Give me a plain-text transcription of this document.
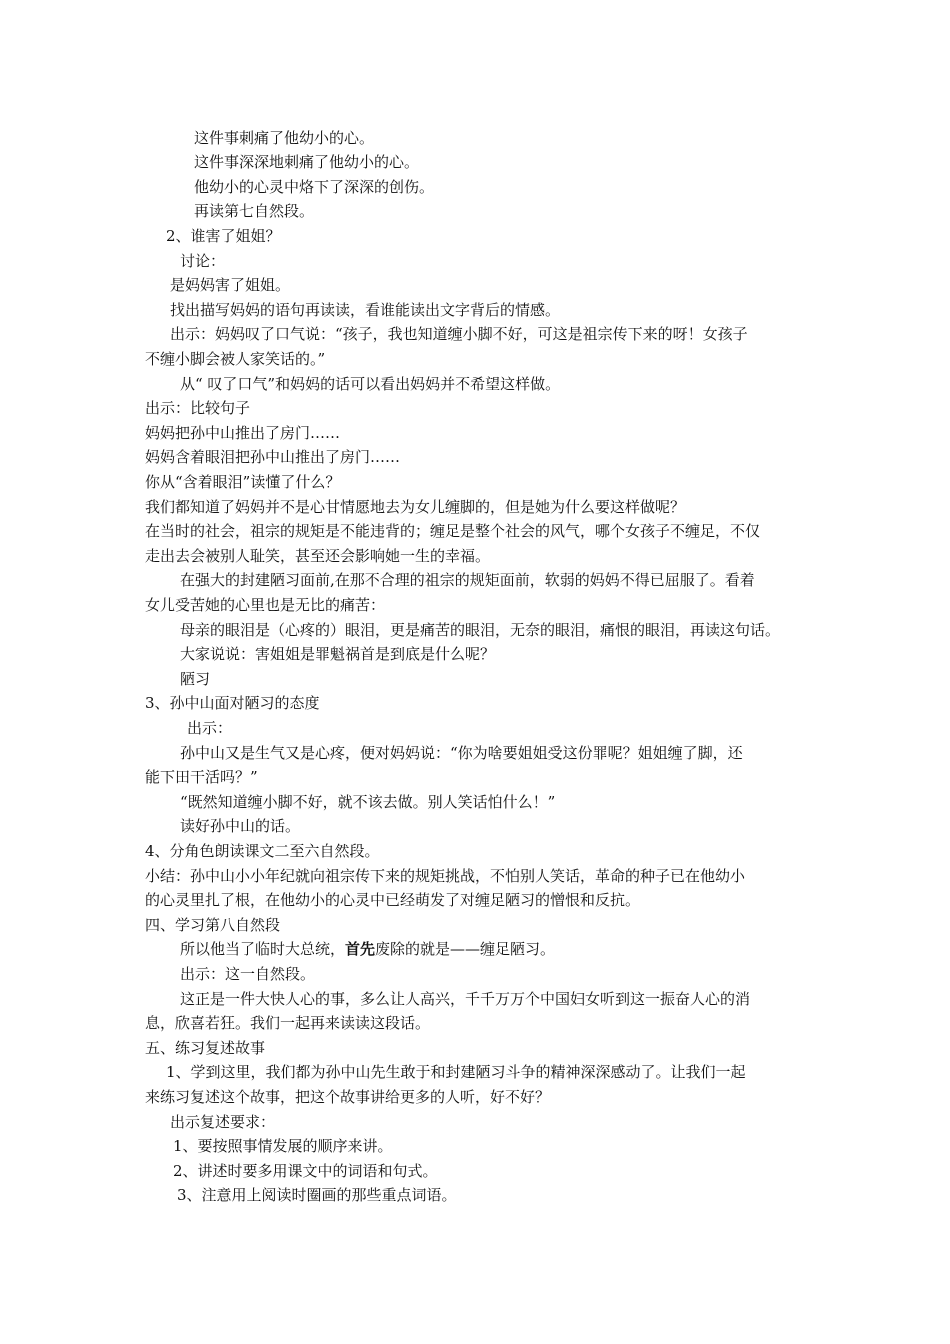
这件事刺痛了他幼小的心。
这件事深深地刺痛了他幼小的心。
他幼小的心灵中烙下了深深的创伤。
再读第七自然段。
2、谁害了姐姐？
讨论：
是妈妈害了姐姐。
找出描写妈妈的语句再读读，看谁能读出文字背后的情感。
出示：妈妈叹了口气说：“孩子，我也知道缠小脚不好，可这是祖宗传下来的呀！女孩子
不缠小脚会被人家笑话的。”
从“ 叹了口气”和妈妈的话可以看出妈妈并不希望这样做。
出示：比较句子
妈妈把孙中山推出了房门……
妈妈含着眼泪把孙中山推出了房门……
你从“含着眼泪”读懂了什么？
我们都知道了妈妈并不是心甘情愿地去为女儿缠脚的，但是她为什么要这样做呢？
在当时的社会，祖宗的规矩是不能违背的；缠足是整个社会的风气，哪个女孩子不缠足，不仅
走出去会被别人耻笑，甚至还会影响她一生的幸福。
在强大的封建陋习面前,在那不合理的祖宗的规矩面前，软弱的妈妈不得已屈服了。看着
女儿受苦她的心里也是无比的痛苦：
母亲的眼泪是（心疼的）眼泪，更是痛苦的眼泪，无奈的眼泪，痛恨的眼泪，再读这句话。
大家说说：害姐姐是罪魁祸首是到底是什么呢？
陋习
3、孙中山面对陋习的态度
出示：
孙中山又是生气又是心疼，便对妈妈说：“你为啥要姐姐受这份罪呢？姐姐缠了脚，还
能下田干活吗？”
“既然知道缠小脚不好，就不该去做。别人笑话怕什么！”
读好孙中山的话。
4、分角色朗读课文二至六自然段。
小结：孙中山小小年纪就向祖宗传下来的规矩挑战，不怕别人笑话，革命的种子已在他幼小
的心灵里扎了根，在他幼小的心灵中已经萌发了对缠足陋习的憎恨和反抗。
四、学习第八自然段
所以他当了临时大总统，首先废除的就是——缠足陋习。
出示：这一自然段。
这正是一件大快人心的事，多么让人高兴，千千万万个中国妇女听到这一振奋人心的消
息，欣喜若狂。我们一起再来读读这段话。
五、练习复述故事
1、学到这里，我们都为孙中山先生敢于和封建陋习斗争的精神深深感动了。让我们一起
来练习复述这个故事，把这个故事讲给更多的人听，好不好？
出示复述要求：
1、要按照事情发展的顺序来讲。
2、讲述时要多用课文中的词语和句式。
3、注意用上阅读时圈画的那些重点词语。
